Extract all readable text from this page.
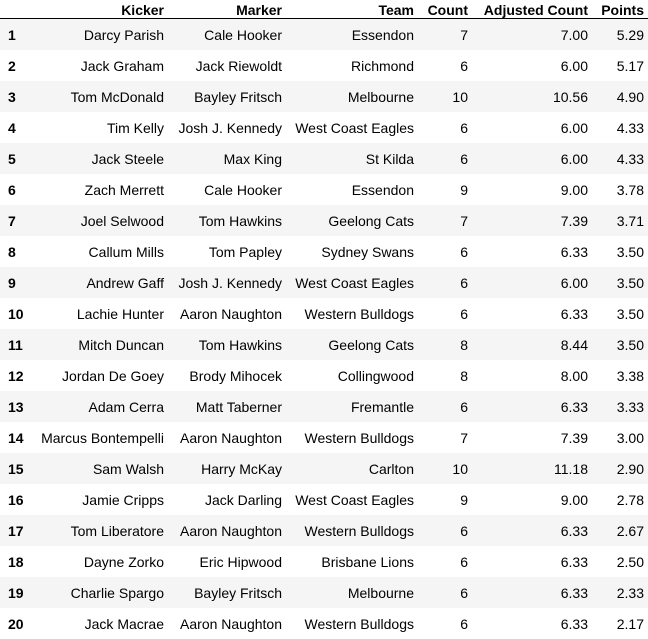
	Kicker	Marker	Team	Count	Adjusted Count	Points
1	Darcy Parish	Cale Hooker	Essendon	7	7.00	5.29
2	Jack Graham	Jack Riewoldt	Richmond	6	6.00	5.17
3	Tom McDonald	Bayley Fritsch	Melbourne	10	10.56	4.90
4	Tim Kelly	Josh J. Kennedy	West Coast Eagles	6	6.00	4.33
5	Jack Steele	Max King	St Kilda	6	6.00	4.33
6	Zach Merrett	Cale Hooker	Essendon	9	9.00	3.78
7	Joel Selwood	Tom Hawkins	Geelong Cats	7	7.39	3.71
8	Callum Mills	Tom Papley	Sydney Swans	6	6.33	3.50
9	Andrew Gaff	Josh J. Kennedy	West Coast Eagles	6	6.00	3.50
10	Lachie Hunter	Aaron Naughton	Western Bulldogs	6	6.33	3.50
11	Mitch Duncan	Tom Hawkins	Geelong Cats	8	8.44	3.50
12	Jordan De Goey	Brody Mihocek	Collingwood	8	8.00	3.38
13	Adam Cerra	Matt Taberner	Fremantle	6	6.33	3.33
14	Marcus Bontempelli	Aaron Naughton	Western Bulldogs	7	7.39	3.00
15	Sam Walsh	Harry McKay	Carlton	10	11.18	2.90
16	Jamie Cripps	Jack Darling	West Coast Eagles	9	9.00	2.78
17	Tom Liberatore	Aaron Naughton	Western Bulldogs	6	6.33	2.67
18	Dayne Zorko	Eric Hipwood	Brisbane Lions	6	6.33	2.50
19	Charlie Spargo	Bayley Fritsch	Melbourne	6	6.33	2.33
20	Jack Macrae	Aaron Naughton	Western Bulldogs	6	6.33	2.17
